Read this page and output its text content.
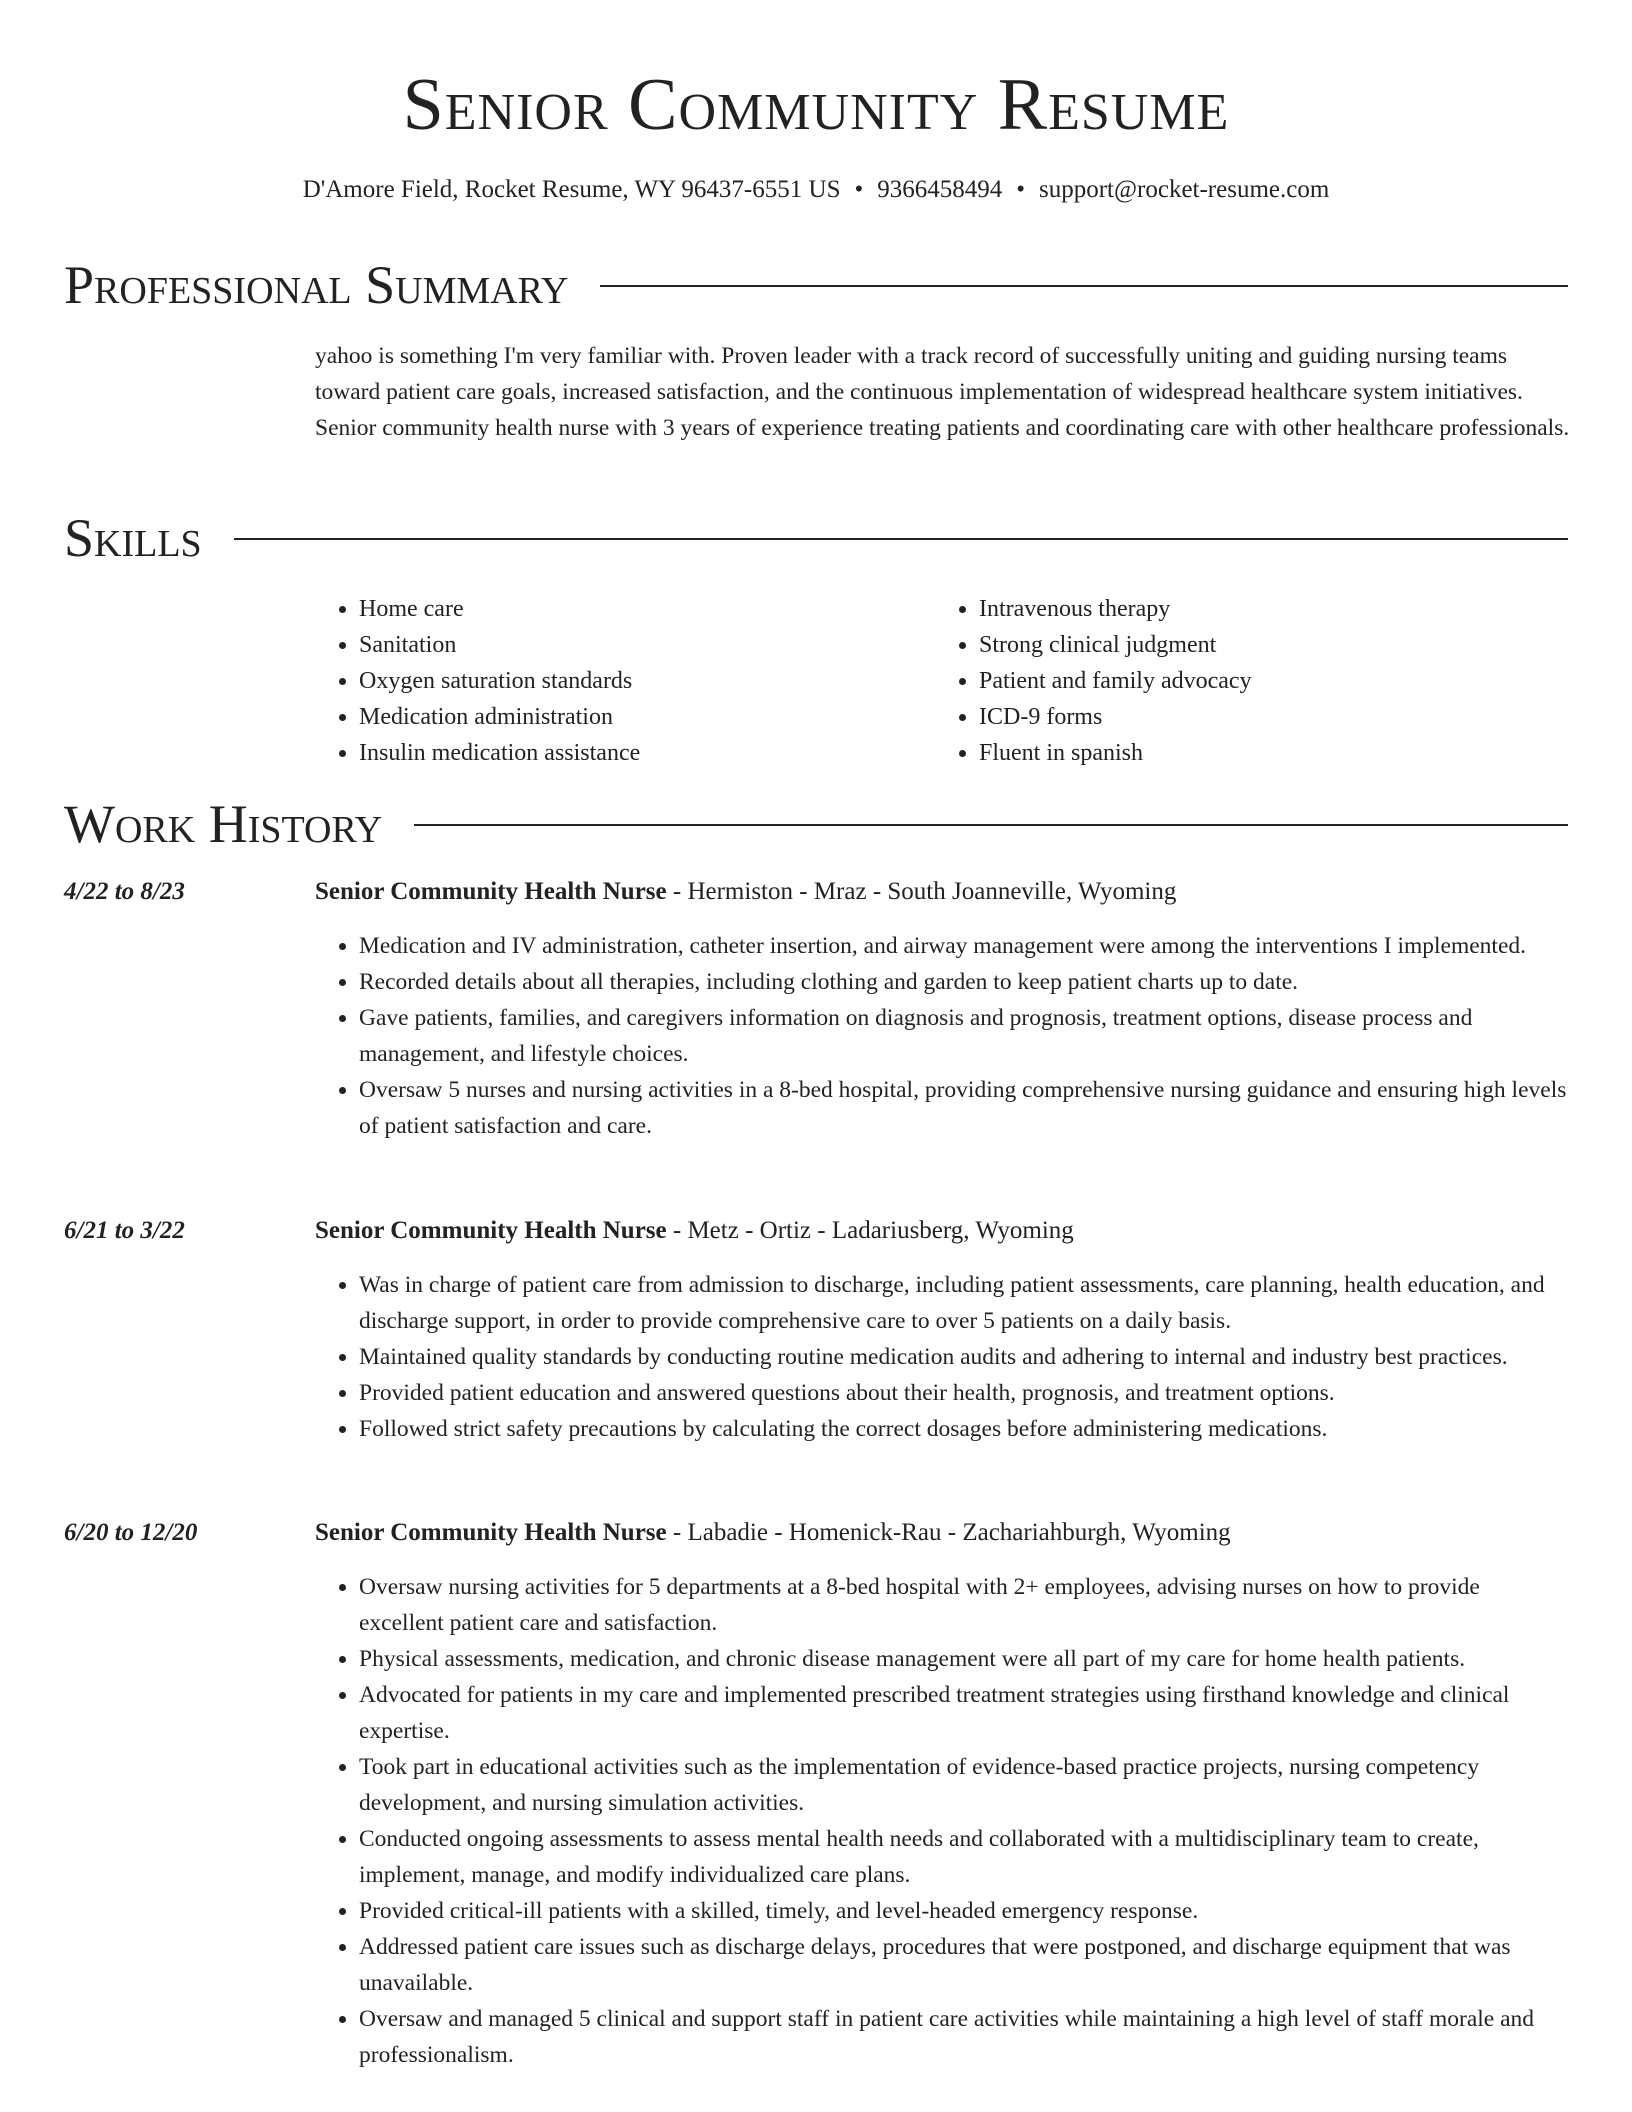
Senior Community Resume
D'Amore Field, Rocket Resume, WY 96437-6551 US • 9366458494 • support@rocket-resume.com
Professional Summary

yahoo is something I'm very familiar with. Proven leader with a track record of successfully uniting and guiding nursing teams toward patient care goals, increased satisfaction, and the continuous implementation of widespread healthcare system initiatives. Senior community health nurse with 3 years of experience treating patients and coordinating care with other healthcare professionals.

Skills
• Home care
• Sanitation
• Oxygen saturation standards
• Medication administration
• Insulin medication assistance
• Intravenous therapy
• Strong clinical judgment
• Patient and family advocacy
• ICD-9 forms
• Fluent in spanish
Work History
4/22 to 8/23	Senior Community Health Nurse - Hermiston - Mraz - South Joanneville, Wyoming
• Medication and IV administration, catheter insertion, and airway management were among the interventions I implemented.
• Recorded details about all therapies, including clothing and garden to keep patient charts up to date.
• Gave patients, families, and caregivers information on diagnosis and prognosis, treatment options, disease process and management, and lifestyle choices.
• Oversaw 5 nurses and nursing activities in a 8-bed hospital, providing comprehensive nursing guidance and ensuring high levels of patient satisfaction and care.
6/21 to 3/22	Senior Community Health Nurse - Metz - Ortiz - Ladariusberg, Wyoming
• Was in charge of patient care from admission to discharge, including patient assessments, care planning, health education, and discharge support, in order to provide comprehensive care to over 5 patients on a daily basis.
• Maintained quality standards by conducting routine medication audits and adhering to internal and industry best practices.
• Provided patient education and answered questions about their health, prognosis, and treatment options.
• Followed strict safety precautions by calculating the correct dosages before administering medications.
6/20 to 12/20	Senior Community Health Nurse - Labadie - Homenick-Rau - Zachariahburgh, Wyoming
• Oversaw nursing activities for 5 departments at a 8-bed hospital with 2+ employees, advising nurses on how to provide excellent patient care and satisfaction.
• Physical assessments, medication, and chronic disease management were all part of my care for home health patients.
• Advocated for patients in my care and implemented prescribed treatment strategies using firsthand knowledge and clinical expertise.
• Took part in educational activities such as the implementation of evidence-based practice projects, nursing competency development, and nursing simulation activities.
• Conducted ongoing assessments to assess mental health needs and collaborated with a multidisciplinary team to create, implement, manage, and modify individualized care plans.
• Provided critical-ill patients with a skilled, timely, and level-headed emergency response.
• Addressed patient care issues such as discharge delays, procedures that were postponed, and discharge equipment that was unavailable.
• Oversaw and managed 5 clinical and support staff in patient care activities while maintaining a high level of staff morale and professionalism.
